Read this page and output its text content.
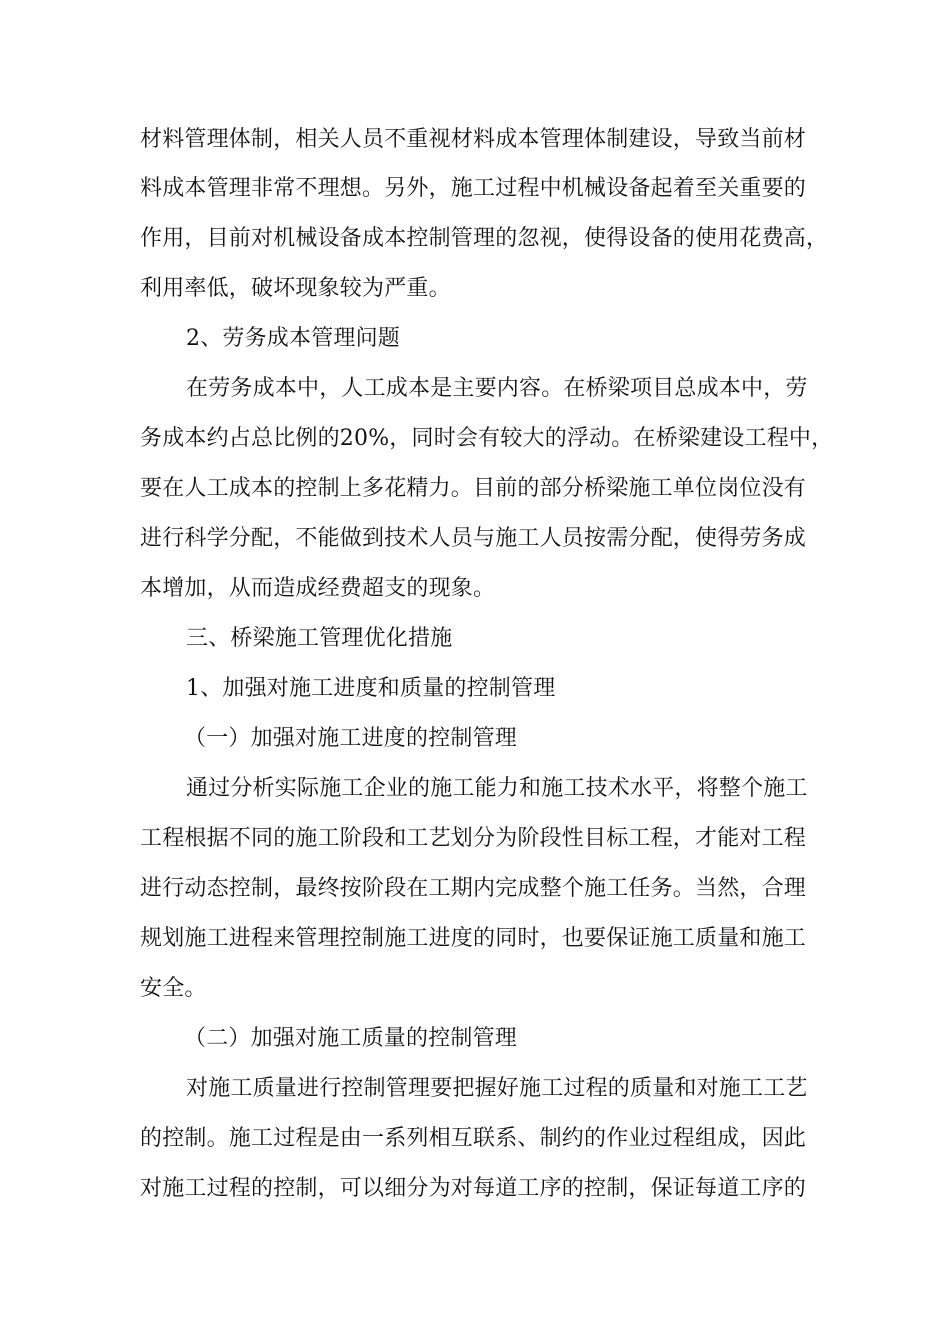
材料管理体制，相关人员不重视材料成本管理体制建设，导致当前材
料成本管理非常不理想。另外，施工过程中机械设备起着至关重要的
作用，目前对机械设备成本控制管理的忽视，使得设备的使用花费高，
利用率低，破坏现象较为严重。
2、劳务成本管理问题
在劳务成本中，人工成本是主要内容。在桥梁项目总成本中，劳
务成本约占总比例的20%，同时会有较大的浮动。在桥梁建设工程中，
要在人工成本的控制上多花精力。目前的部分桥梁施工单位岗位没有
进行科学分配，不能做到技术人员与施工人员按需分配，使得劳务成
本增加，从而造成经费超支的现象。
三、桥梁施工管理优化措施
1、加强对施工进度和质量的控制管理
（一）加强对施工进度的控制管理
通过分析实际施工企业的施工能力和施工技术水平，将整个施工
工程根据不同的施工阶段和工艺划分为阶段性目标工程，才能对工程
进行动态控制，最终按阶段在工期内完成整个施工任务。当然，合理
规划施工进程来管理控制施工进度的同时，也要保证施工质量和施工
安全。
（二）加强对施工质量的控制管理
对施工质量进行控制管理要把握好施工过程的质量和对施工工艺
的控制。施工过程是由一系列相互联系、制约的作业过程组成，因此
对施工过程的控制，可以细分为对每道工序的控制，保证每道工序的
